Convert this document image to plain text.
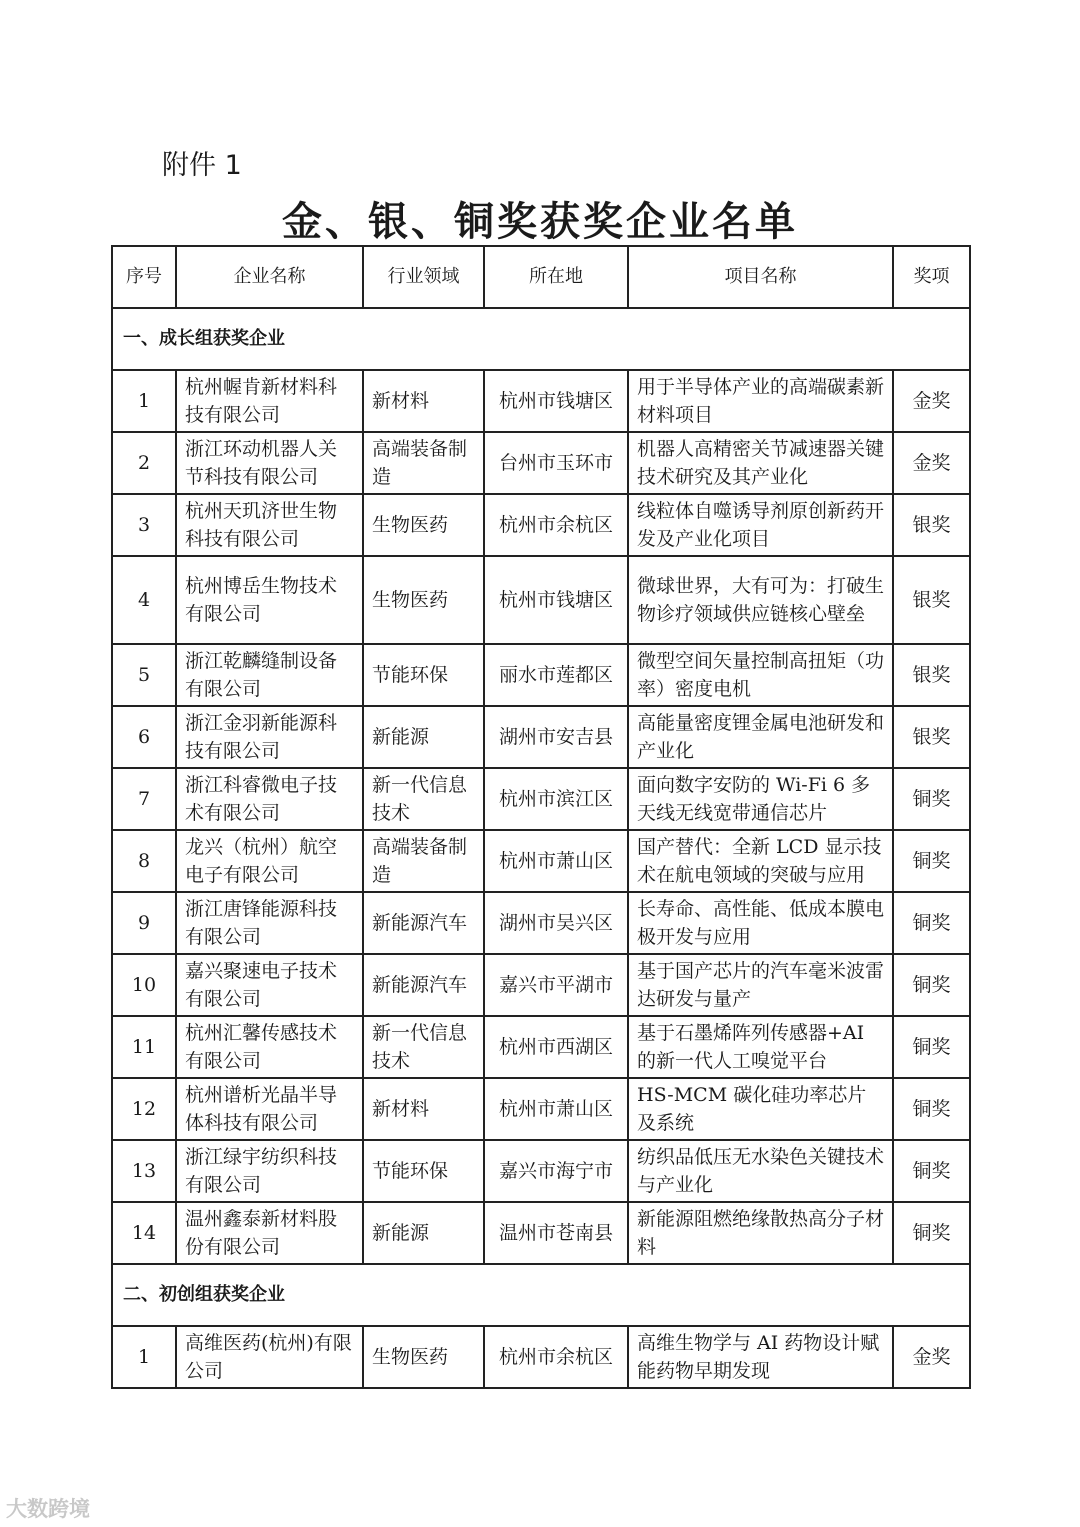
附件 1
金、银、铜奖获奖企业名单
序号	企业名称	行业领域	所在地	项目名称	奖项
一、成长组获奖企业					
1	杭州幄肯新材料科技有限公司	新材料	杭州市钱塘区	用于半导体产业的高端碳素新材料项目	金奖
2	浙江环动机器人关节科技有限公司	高端装备制造	台州市玉环市	机器人高精密关节减速器关键技术研究及其产业化	金奖
3	杭州天玑济世生物科技有限公司	生物医药	杭州市余杭区	线粒体自噬诱导剂原创新药开发及产业化项目	银奖
4	杭州博岳生物技术有限公司	生物医药	杭州市钱塘区	微球世界，大有可为：打破生物诊疗领域供应链核心壁垒	银奖
5	浙江乾麟缝制设备有限公司	节能环保	丽水市莲都区	微型空间矢量控制高扭矩（功率）密度电机	银奖
6	浙江金羽新能源科技有限公司	新能源	湖州市安吉县	高能量密度锂金属电池研发和产业化	银奖
7	浙江科睿微电子技术有限公司	新一代信息技术	杭州市滨江区	面向数字安防的 Wi-Fi 6 多天线无线宽带通信芯片	铜奖
8	龙兴（杭州）航空电子有限公司	高端装备制造	杭州市萧山区	国产替代：全新 LCD 显示技术在航电领域的突破与应用	铜奖
9	浙江唐锋能源科技有限公司	新能源汽车	湖州市吴兴区	长寿命、高性能、低成本膜电极开发与应用	铜奖
10	嘉兴聚速电子技术有限公司	新能源汽车	嘉兴市平湖市	基于国产芯片的汽车毫米波雷达研发与量产	铜奖
11	杭州汇馨传感技术有限公司	新一代信息技术	杭州市西湖区	基于石墨烯阵列传感器+AI 的新一代人工嗅觉平台	铜奖
12	杭州谱析光晶半导体科技有限公司	新材料	杭州市萧山区	HS-MCM 碳化硅功率芯片及系统	铜奖
13	浙江绿宇纺织科技有限公司	节能环保	嘉兴市海宁市	纺织品低压无水染色关键技术与产业化	铜奖
14	温州鑫泰新材料股份有限公司	新能源	温州市苍南县	新能源阻燃绝缘散热高分子材料	铜奖
二、初创组获奖企业					
1	高维医药(杭州)有限公司	生物医药	杭州市余杭区	高维生物学与 AI 药物设计赋能药物早期发现	金奖
大数跨境
